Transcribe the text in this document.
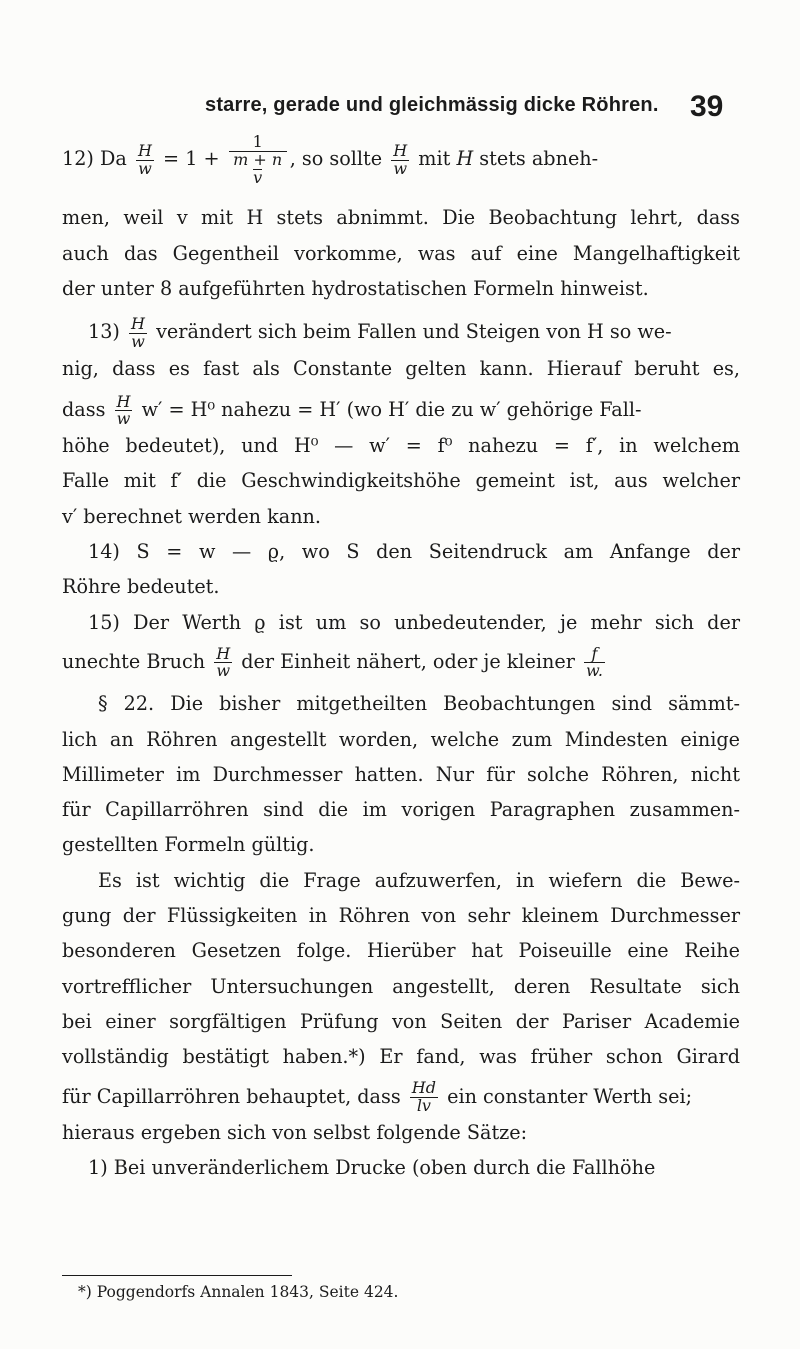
starre, gerade und gleichmässig dicke Röhren. 39
12) Da $\frac{H}{w} = 1$ +
1
m + n
v
, so sollte $\frac{H}{w}$ mit H stets abneh-
men, weil v mit H stets abnimmt. Die Beobachtung lehrt, dass
auch das Gegentheil vorkomme, was auf eine Mangelhaftigkeit
der unter 8 aufgeführten hydrostatischen Formeln hinweist.
$13) \frac{H}{w}$ verändert sich beim Fallen und Steigen von H so we-
nig, dass es fast als Constante gelten kann. Hierauf beruht es,
dass $\frac{H}{w} w' = H^0$ nahezu = H′ (wo H′ die zu w′ gehörige Fall-
höhe bedeutet), und H⁰ — w′ = f⁰ nahezu = f′, in welchem
Falle mit f′ die Geschwindigkeitshöhe gemeint ist, aus welcher
v′ berechnet werden kann.
14) S = w — ϱ, wo S den Seitendruck am Anfange der
Röhre bedeutet.
15) Der Werth ϱ ist um so unbedeutender, je mehr sich der
unechte Bruch $\frac{H}{w}$ der Einheit nähert, oder je kleiner $\frac{f}{w.}$
§ 22. Die bisher mitgetheilten Beobachtungen sind sämmt-
lich an Röhren angestellt worden, welche zum Mindesten einige
Millimeter im Durchmesser hatten. Nur für solche Röhren, nicht
für Capillarröhren sind die im vorigen Paragraphen zusammen-
gestellten Formeln gültig.
Es ist wichtig die Frage aufzuwerfen, in wiefern die Bewe-
gung der Flüssigkeiten in Röhren von sehr kleinem Durchmesser
besonderen Gesetzen folge. Hierüber hat Poiseuille eine Reihe
vortrefflicher Untersuchungen angestellt, deren Resultate sich
bei einer sorgfältigen Prüfung von Seiten der Pariser Academie
vollständig bestätigt haben.*) Er fand, was früher schon Girard
für Capillarröhren behauptet, dass $\frac{Hd}{lv}$ ein constanter Werth sei;
hieraus ergeben sich von selbst folgende Sätze:
1) Bei unveränderlichem Drucke (oben durch die Fallhöhe
*) Poggendorfs Annalen 1843, Seite 424.
